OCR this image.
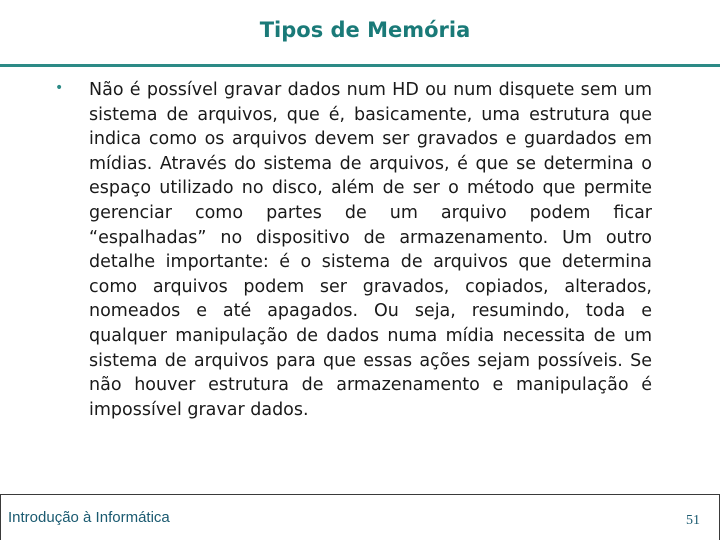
Tipos de Memória
• Não é possível gravar dados num HD ou num disquete sem um sistema de arquivos, que é, basicamente, uma estrutura que indica como os arquivos devem ser gravados e guardados em mídias. Através do sistema de arquivos, é que se determina o espaço utilizado no disco, além de ser o método que permite gerenciar como partes de um arquivo podem ficar “espalhadas” no dispositivo de armazenamento. Um outro detalhe importante: é o sistema de arquivos que determina como arquivos podem ser gravados, copiados, alterados, nomeados e até apagados. Ou seja, resumindo, toda e qualquer manipulação de dados numa mídia necessita de um sistema de arquivos para que essas ações sejam possíveis. Se não houver estrutura de armazenamento e manipulação é impossível gravar dados.
Introdução à Informática	51
